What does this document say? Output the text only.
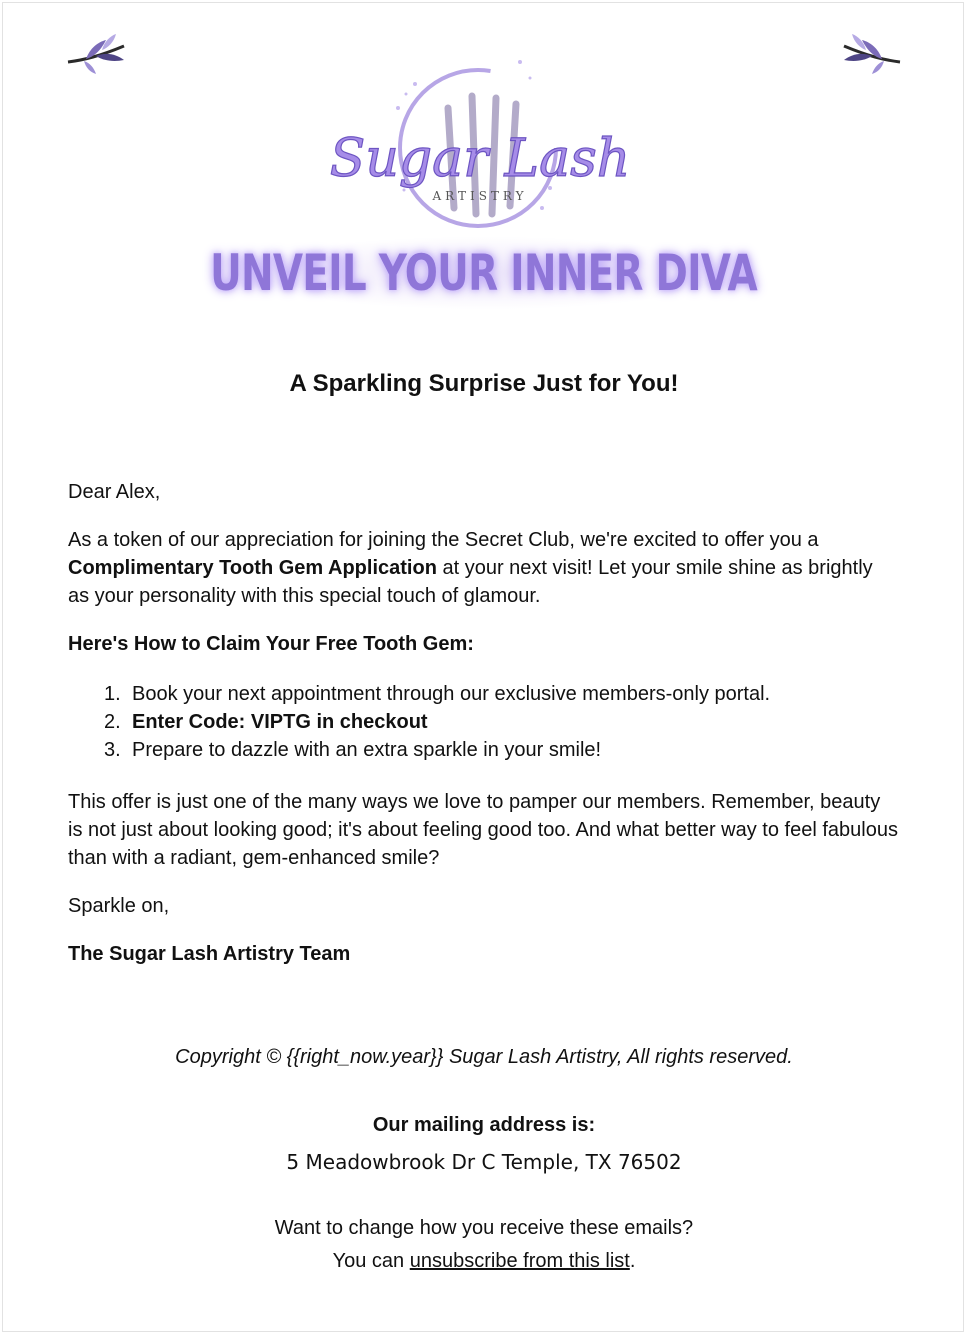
Sugar Lash
ARTISTRY
UNVEIL YOUR INNER DIVA
A Sparkling Surprise Just for You!
Dear Alex,
As a token of our appreciation for joining the Secret Club, we're excited to offer you a Complimentary Tooth Gem Application at your next visit! Let your smile shine as brightly as your personality with this special touch of glamour.
Here's How to Claim Your Free Tooth Gem:
1. Book your next appointment through our exclusive members-only portal.
2. Enter Code: VIPTG in checkout
3. Prepare to dazzle with an extra sparkle in your smile!
This offer is just one of the many ways we love to pamper our members. Remember, beauty is not just about looking good; it's about feeling good too. And what better way to feel fabulous than with a radiant, gem-enhanced smile?
Sparkle on,
The Sugar Lash Artistry Team
Copyright © {{right_now.year}} Sugar Lash Artistry, All rights reserved.
Our mailing address is:
5 Meadowbrook Dr C Temple, TX 76502
Want to change how you receive these emails?
You can unsubscribe from this list.
